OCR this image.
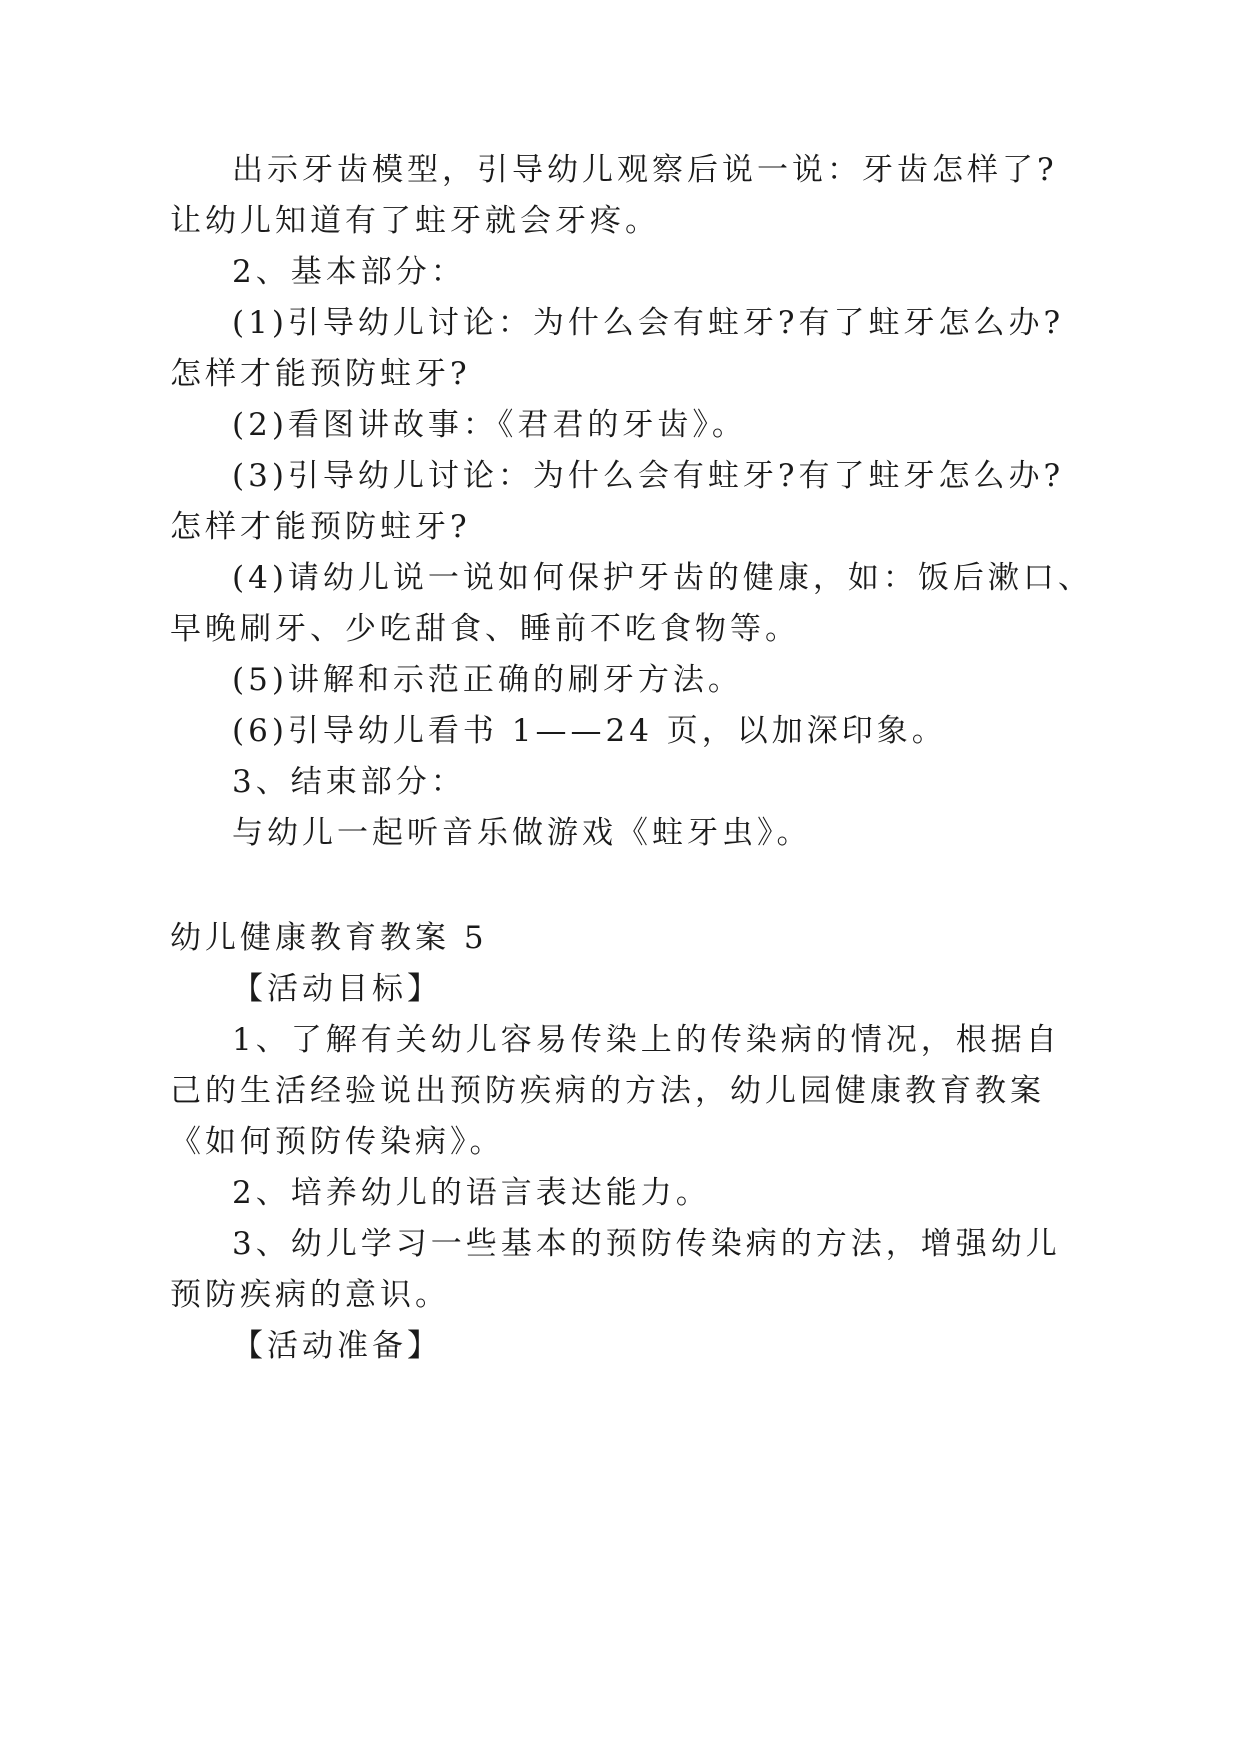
出示牙齿模型，引导幼儿观察后说一说：牙齿怎样了?
让幼儿知道有了蛀牙就会牙疼。
2、基本部分：
(1)引导幼儿讨论：为什么会有蛀牙?有了蛀牙怎么办?
怎样才能预防蛀牙?
(2)看图讲故事：《君君的牙齿》。
(3)引导幼儿讨论：为什么会有蛀牙?有了蛀牙怎么办?
怎样才能预防蛀牙?
(4)请幼儿说一说如何保护牙齿的健康，如：饭后漱口、
早晚刷牙、少吃甜食、睡前不吃食物等。
(5)讲解和示范正确的刷牙方法。
(6)引导幼儿看书 1——24 页，以加深印象。
3、结束部分：
与幼儿一起听音乐做游戏《蛀牙虫》。
幼儿健康教育教案 5
【活动目标】
1、了解有关幼儿容易传染上的传染病的情况，根据自
己的生活经验说出预防疾病的方法，幼儿园健康教育教案
《如何预防传染病》。
2、培养幼儿的语言表达能力。
3、幼儿学习一些基本的预防传染病的方法，增强幼儿
预防疾病的意识。
【活动准备】
